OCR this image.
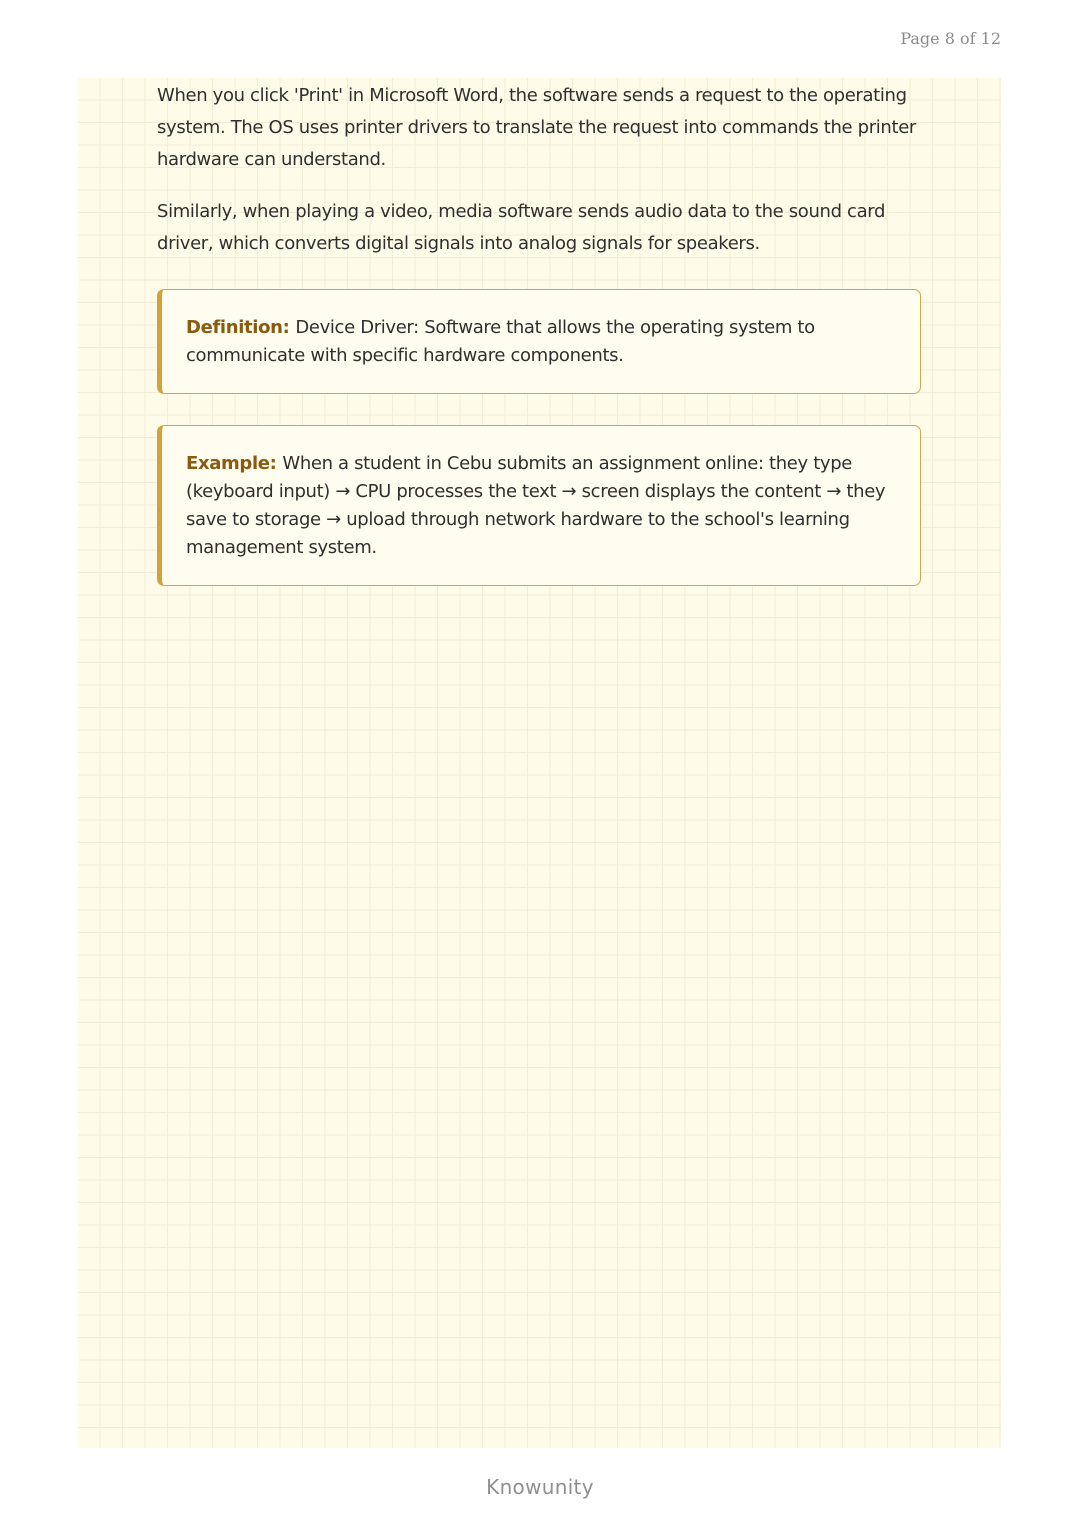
Page 8 of 12

When you click 'Print' in Microsoft Word, the software sends a request to the operating system. The OS uses printer drivers to translate the request into commands the printer hardware can understand.

Similarly, when playing a video, media software sends audio data to the sound card driver, which converts digital signals into analog signals for speakers.

Definition: Device Driver: Software that allows the operating system to communicate with specific hardware components.
Example: When a student in Cebu submits an assignment online: they type (keyboard input) → CPU processes the text → screen displays the content → they save to storage → upload through network hardware to the school's learning management system.
Knowunity
